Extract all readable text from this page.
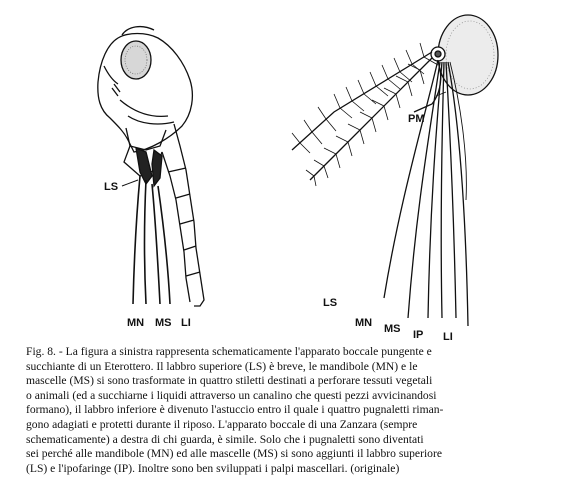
LS
MN MS LI
PM
LS
MN MS IP LI
Fig. 8. - La figura a sinistra rappresenta schematicamente l'apparato boccale pungente e
succhiante di un Eterottero. Il labbro superiore (LS) è breve, le mandibole (MN) e le
mascelle (MS) si sono trasformate in quattro stiletti destinati a perforare tessuti vegetali
o animali (ed a succhiarne i liquidi attraverso un canalino che questi pezzi avvicinandosi
formano), il labbro inferiore è divenuto l'astuccio entro il quale i quattro pugnaletti riman-
gono adagiati e protetti durante il riposo. L'apparato boccale di una Zanzara (sempre
schematicamente) a destra di chi guarda, è simile. Solo che i pugnaletti sono diventati
sei perché alle mandibole (MN) ed alle mascelle (MS) si sono aggiunti il labbro superiore
(LS) e l'ipofaringe (IP). Inoltre sono ben sviluppati i palpi mascellari. (originale)
